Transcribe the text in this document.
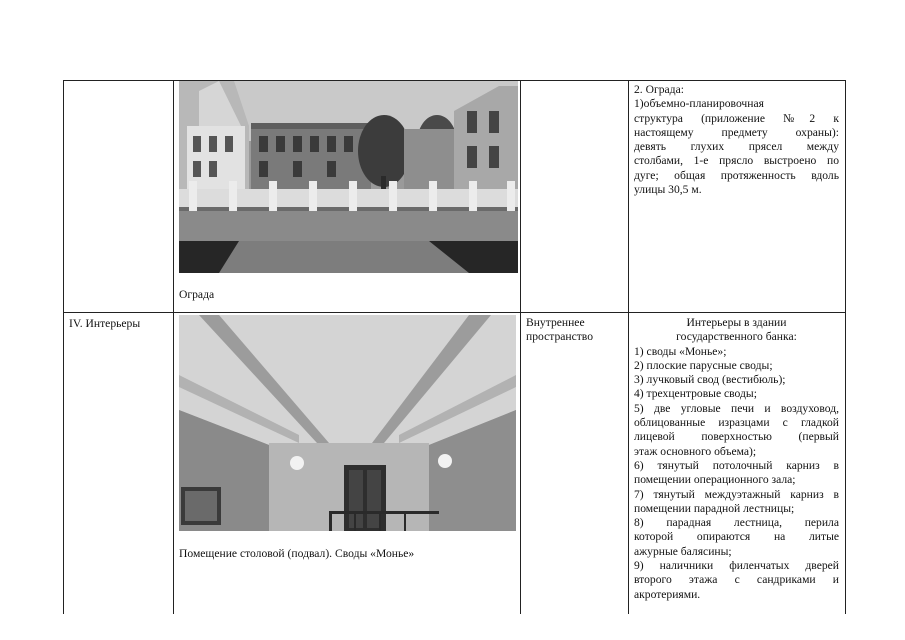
Ограда
2. Ограда:
1)объемно-планировочная
структура (приложение №2 к
настоящему предмету охраны):
девять глухих прясел между
столбами, 1-е прясло выстроено по
дуге; общая протяженность вдоль
улицы 30,5 м.
IV. Интерьеры
Помещение столовой (подвал). Своды «Монье»
Внутреннее
пространство
Интерьеры в здании
государственного банка:
1) своды «Монье»;
2) плоские парусные своды;
3) лучковый свод (вестибюль);
4) трехцентровые своды;
5) две угловые печи и воздуховод,
облицованные изразцами с гладкой
лицевой поверхностью (первый
этаж основного объема);
6) тянутый потолочный карниз в
помещении операционного зала;
7) тянутый междуэтажный карниз в
помещении парадной лестницы;
8) парадная лестница, перила
которой опираются на литые
ажурные балясины;
9) наличники филенчатых дверей
второго этажа с сандриками и
акротериями.
